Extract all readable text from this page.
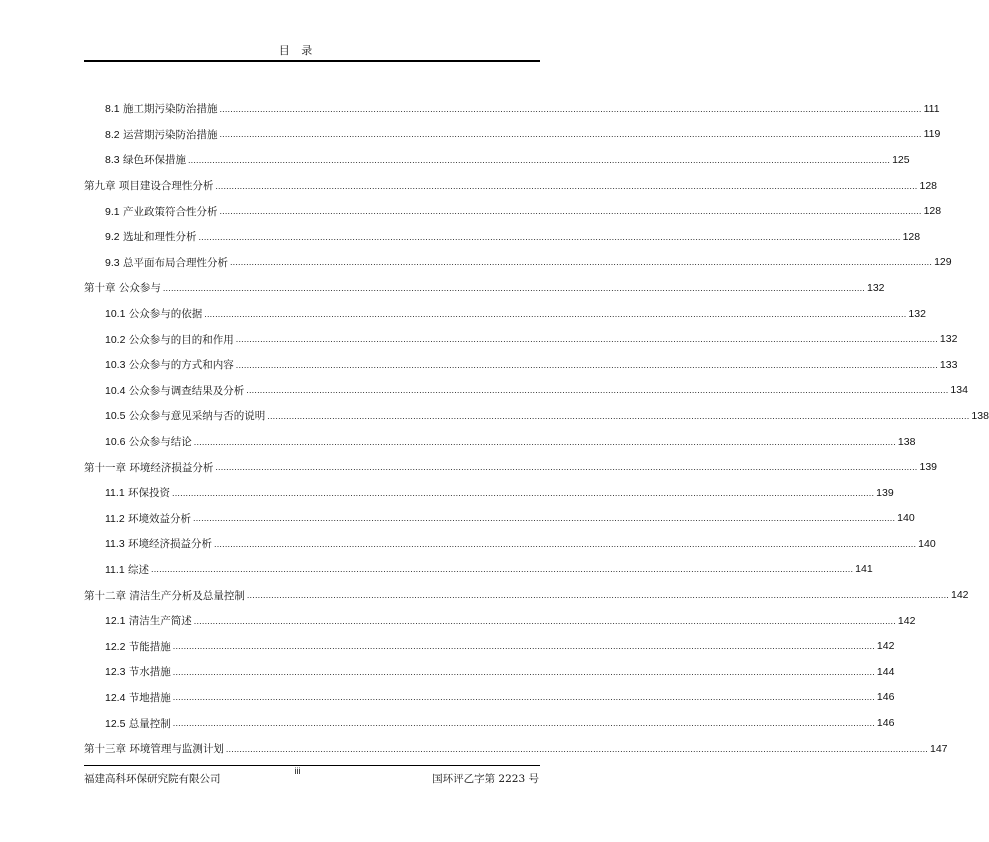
目 录
8.1 施工期污染防治措施 .................................................................................................................................................................................................................................................................... 111
8.2 运营期污染防治措施 .................................................................................................................................................................................................................................................................... 119
8.3 绿色环保措施 .................................................................................................................................................................................................................................................................... 125
第九章 项目建设合理性分析 .................................................................................................................................................................................................................................................................... 128
9.1 产业政策符合性分析 .................................................................................................................................................................................................................................................................... 128
9.2 选址和理性分析 .................................................................................................................................................................................................................................................................... 128
9.3 总平面布局合理性分析 .................................................................................................................................................................................................................................................................... 129
第十章 公众参与 .................................................................................................................................................................................................................................................................... 132
10.1 公众参与的依据 .................................................................................................................................................................................................................................................................... 132
10.2 公众参与的目的和作用 .................................................................................................................................................................................................................................................................... 132
10.3 公众参与的方式和内容 .................................................................................................................................................................................................................................................................... 133
10.4 公众参与调查结果及分析 .................................................................................................................................................................................................................................................................... 134
10.5 公众参与意见采纳与否的说明 .................................................................................................................................................................................................................................................................... 138
10.6 公众参与结论 .................................................................................................................................................................................................................................................................... 138
第十一章 环境经济损益分析 .................................................................................................................................................................................................................................................................... 139
11.1 环保投资 .................................................................................................................................................................................................................................................................... 139
11.2 环境效益分析 .................................................................................................................................................................................................................................................................... 140
11.3 环境经济损益分析 .................................................................................................................................................................................................................................................................... 140
11.1 综述 .................................................................................................................................................................................................................................................................... 141
第十二章 清洁生产分析及总量控制 .................................................................................................................................................................................................................................................................... 142
12.1 清洁生产简述 .................................................................................................................................................................................................................................................................... 142
12.2 节能措施 .................................................................................................................................................................................................................................................................... 142
12.3 节水措施 .................................................................................................................................................................................................................................................................... 144
12.4 节地措施 .................................................................................................................................................................................................................................................................... 146
12.5 总量控制 .................................................................................................................................................................................................................................................................... 146
第十三章 环境管理与监测计划 .................................................................................................................................................................................................................................................................... 147
福建高科环保研究院有限公司
iii
国环评乙字第 2223 号
